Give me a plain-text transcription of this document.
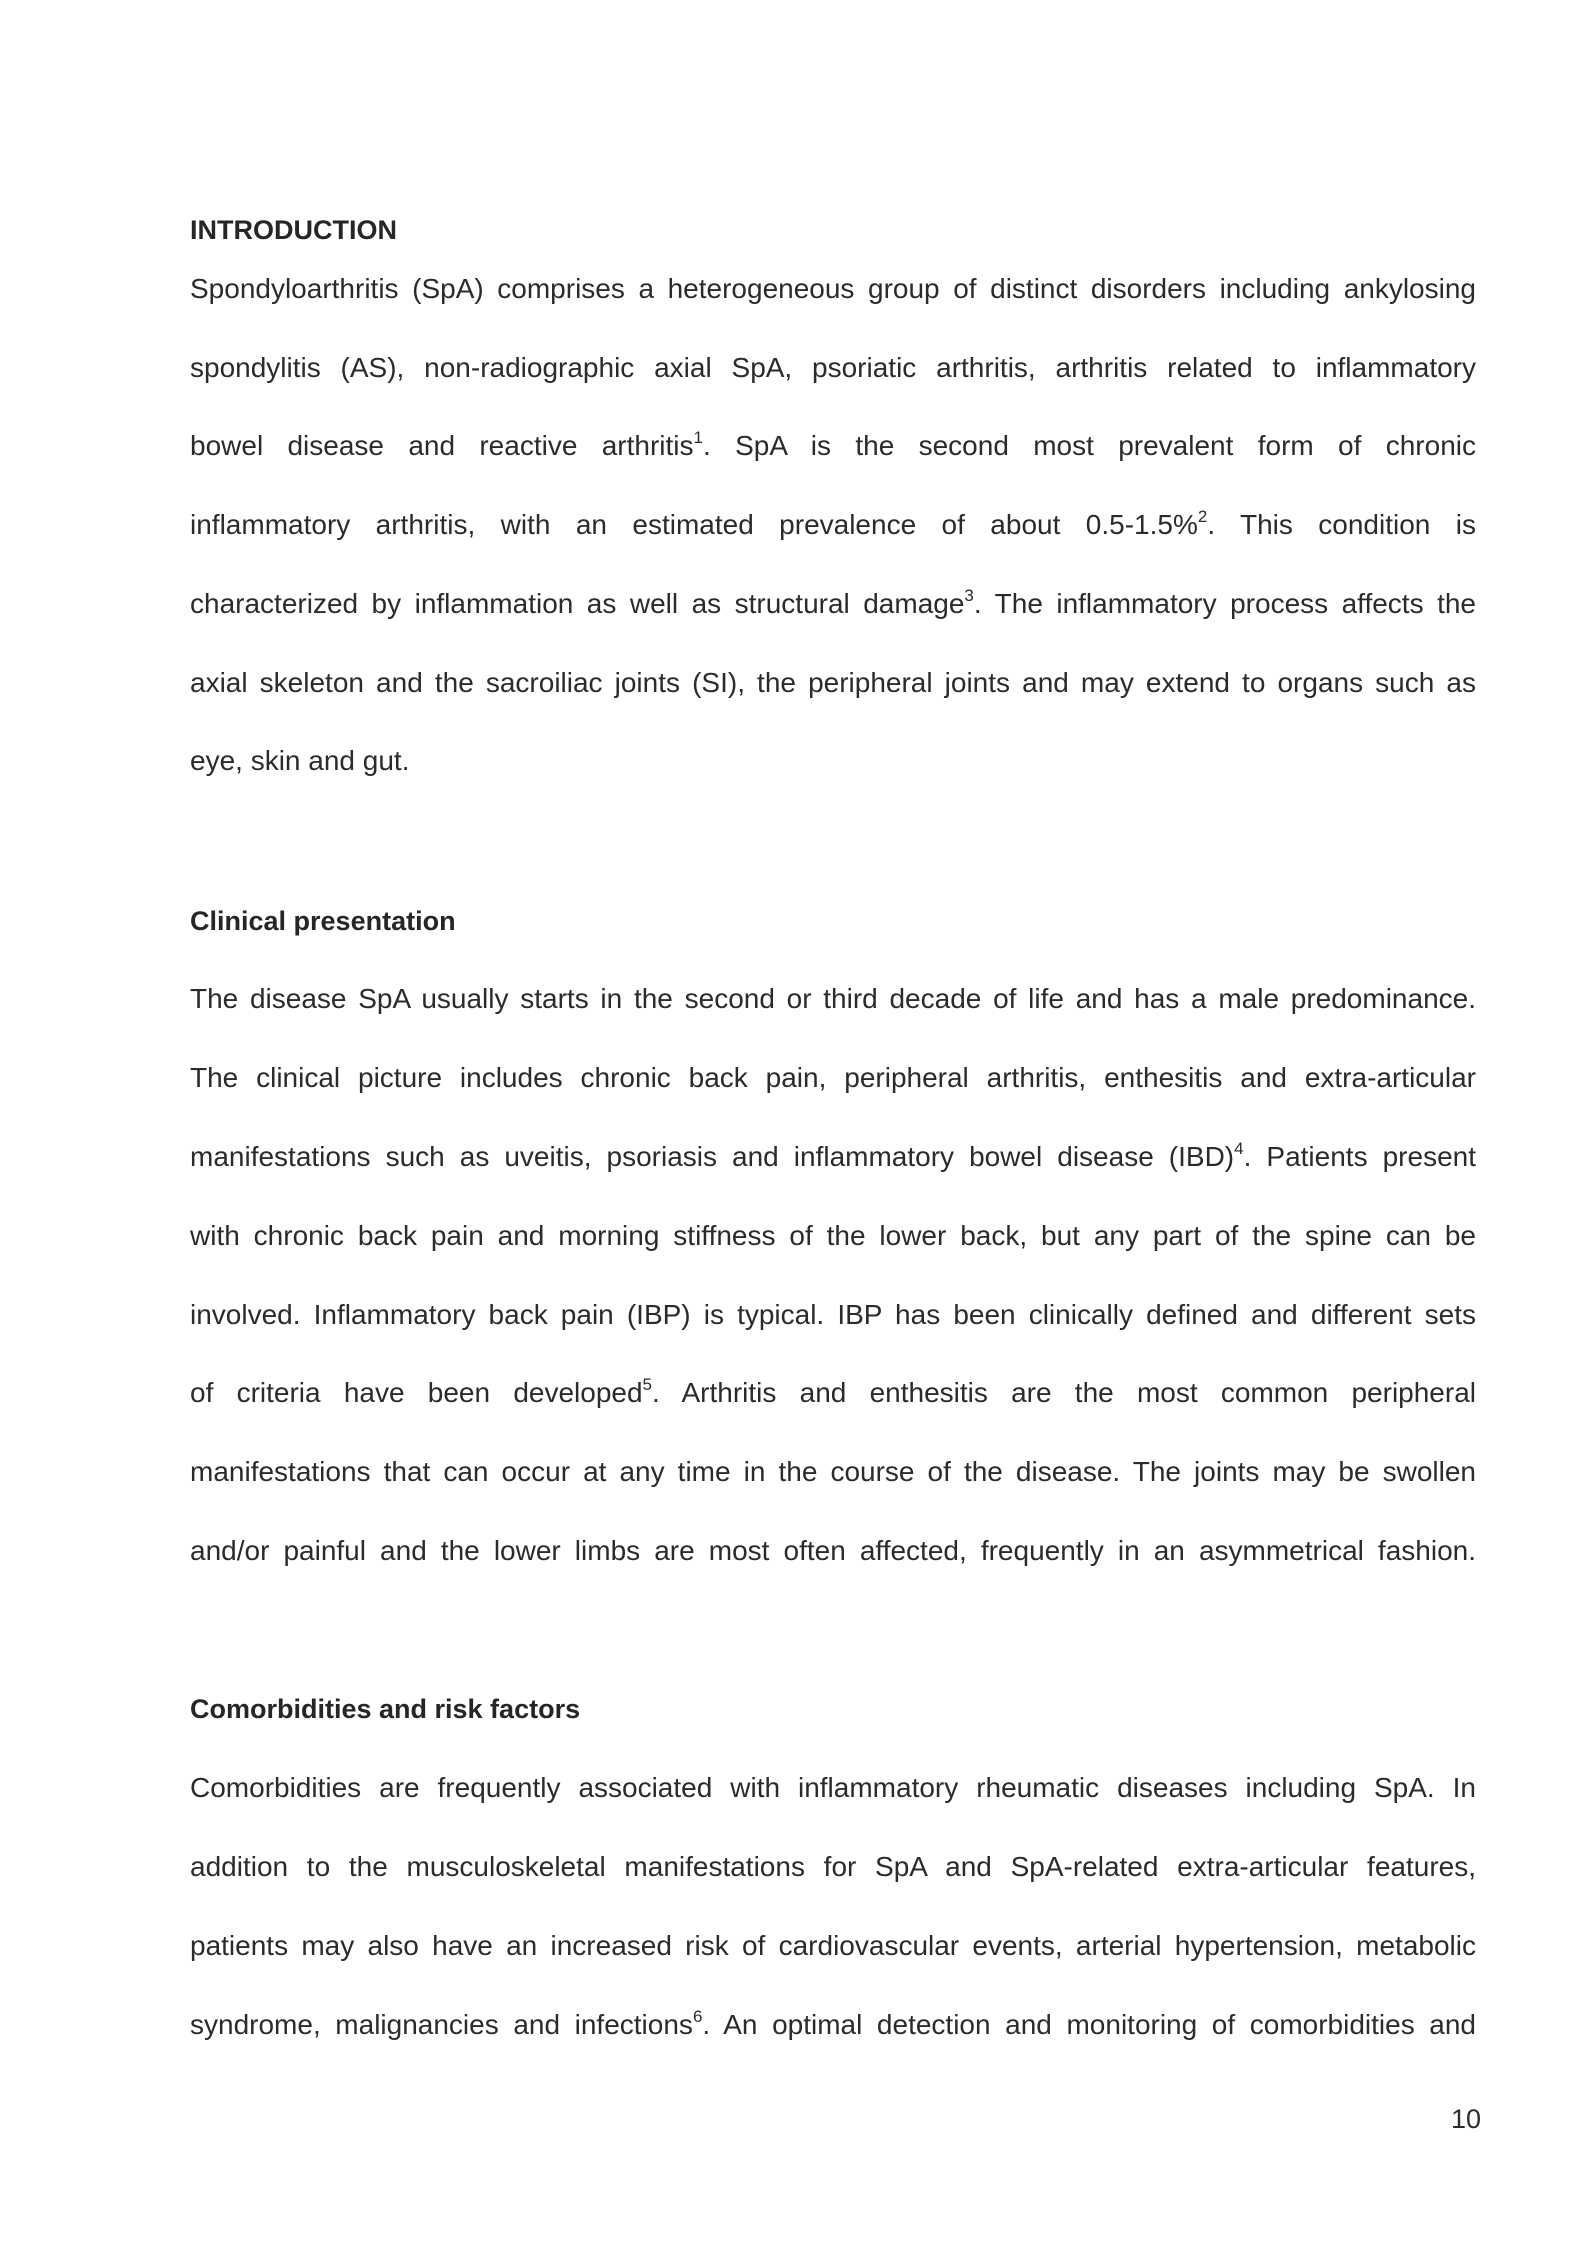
INTRODUCTION
Spondyloarthritis (SpA) comprises a heterogeneous group of distinct disorders including ankylosing
spondylitis (AS), non-radiographic axial SpA, psoriatic arthritis, arthritis related to inflammatory
bowel disease and reactive arthritis$^1$. SpA is the second most prevalent form of chronic
inflammatory arthritis, with an estimated prevalence of about 0.5-1.5%$^2$. This condition is
characterized by inflammation as well as structural damage$^3$. The inflammatory process affects the
axial skeleton and the sacroiliac joints (SI), the peripheral joints and may extend to organs such as
eye, skin and gut.
Clinical presentation
The disease SpA usually starts in the second or third decade of life and has a male predominance.
The clinical picture includes chronic back pain, peripheral arthritis, enthesitis and extra-articular
manifestations such as uveitis, psoriasis and inflammatory bowel disease (IBD)$^4$. Patients present
with chronic back pain and morning stiffness of the lower back, but any part of the spine can be
involved. Inflammatory back pain (IBP) is typical. IBP has been clinically defined and different sets
of criteria have been developed$^5$. Arthritis and enthesitis are the most common peripheral
manifestations that can occur at any time in the course of the disease. The joints may be swollen
and/or painful and the lower limbs are most often affected, frequently in an asymmetrical fashion.
Comorbidities and risk factors
Comorbidities are frequently associated with inflammatory rheumatic diseases including SpA. In
addition to the musculoskeletal manifestations for SpA and SpA-related extra-articular features,
patients may also have an increased risk of cardiovascular events, arterial hypertension, metabolic
syndrome, malignancies and infections$^6$. An optimal detection and monitoring of comorbidities and
10
